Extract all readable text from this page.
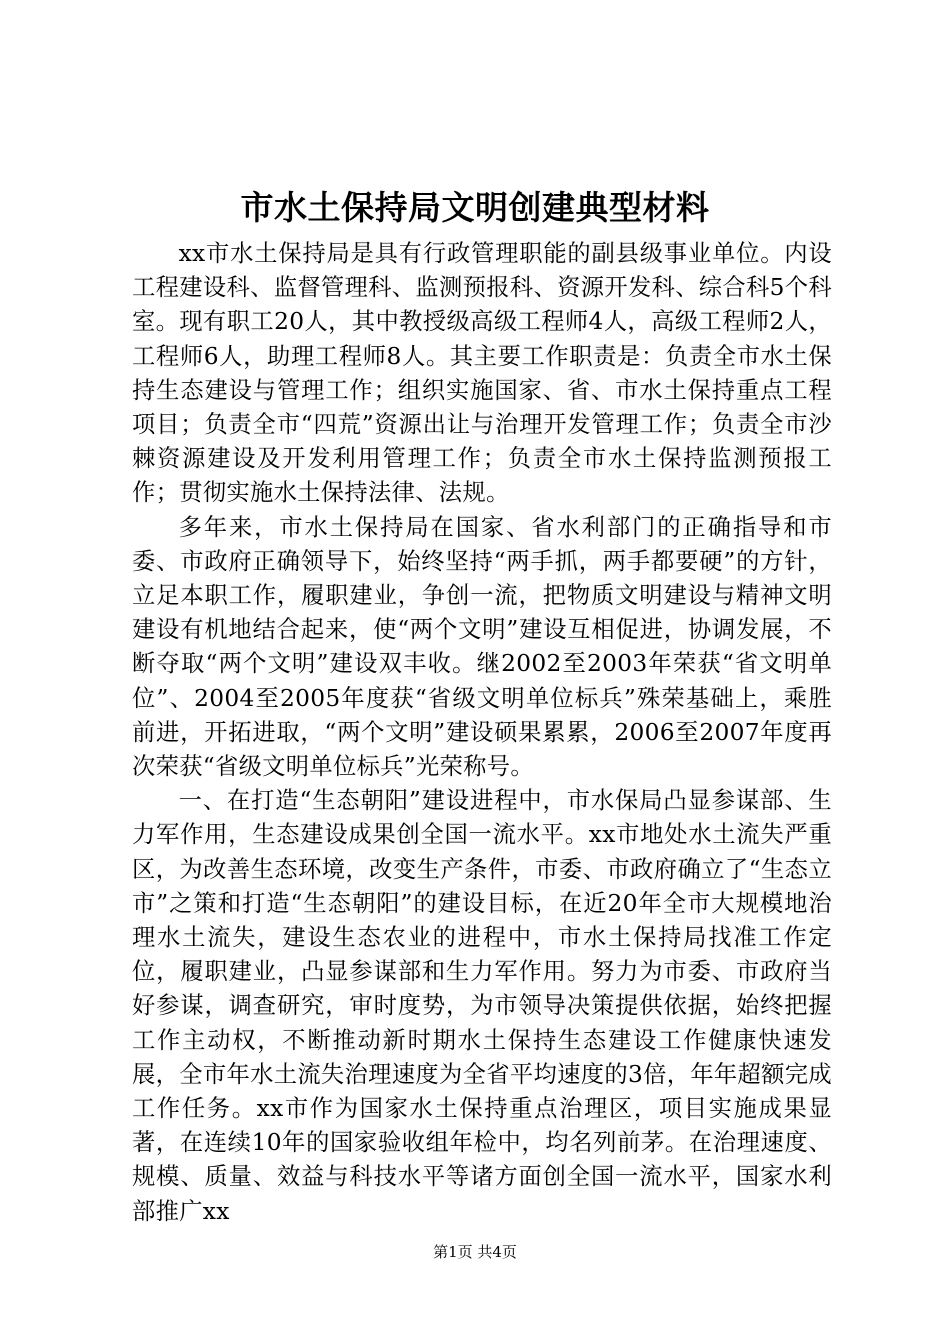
市水土保持局文明创建典型材料

xx市水土保持局是具有行政管理职能的副县级事业单位。内设工程建设科、监督管理科、监测预报科、资源开发科、综合科5个科室。现有职工20人，其中教授级高级工程师4人，高级工程师2人，工程师6人，助理工程师8人。其主要工作职责是：负责全市水土保持生态建设与管理工作；组织实施国家、省、市水土保持重点工程项目；负责全市“四荒”资源出让与治理开发管理工作；负责全市沙棘资源建设及开发利用管理工作；负责全市水土保持监测预报工作；贯彻实施水土保持法律、法规。

多年来，市水土保持局在国家、省水利部门的正确指导和市委、市政府正确领导下，始终坚持“两手抓，两手都要硬”的方针，立足本职工作，履职建业，争创一流，把物质文明建设与精神文明建设有机地结合起来，使“两个文明”建设互相促进，协调发展，不断夺取“两个文明”建设双丰收。继2002至2003年荣获“省文明单位”、2004至2005年度获“省级文明单位标兵”殊荣基础上，乘胜前进，开拓进取，“两个文明”建设硕果累累，2006至2007年度再次荣获“省级文明单位标兵”光荣称号。

一、在打造“生态朝阳”建设进程中，市水保局凸显参谋部、生力军作用，生态建设成果创全国一流水平。xx市地处水土流失严重区，为改善生态环境，改变生产条件，市委、市政府确立了“生态立市”之策和打造“生态朝阳”的建设目标，在近20年全市大规模地治理水土流失，建设生态农业的进程中，市水土保持局找准工作定位，履职建业，凸显参谋部和生力军作用。努力为市委、市政府当好参谋，调查研究，审时度势，为市领导决策提供依据，始终把握工作主动权，不断推动新时期水土保持生态建设工作健康快速发展，全市年水土流失治理速度为全省平均速度的3倍，年年超额完成工作任务。xx市作为国家水土保持重点治理区，项目实施成果显著，在连续10年的国家验收组年检中，均名列前茅。在治理速度、规模、质量、效益与科技水平等诸方面创全国一流水平，国家水利部推广xx

第1页 共4页
